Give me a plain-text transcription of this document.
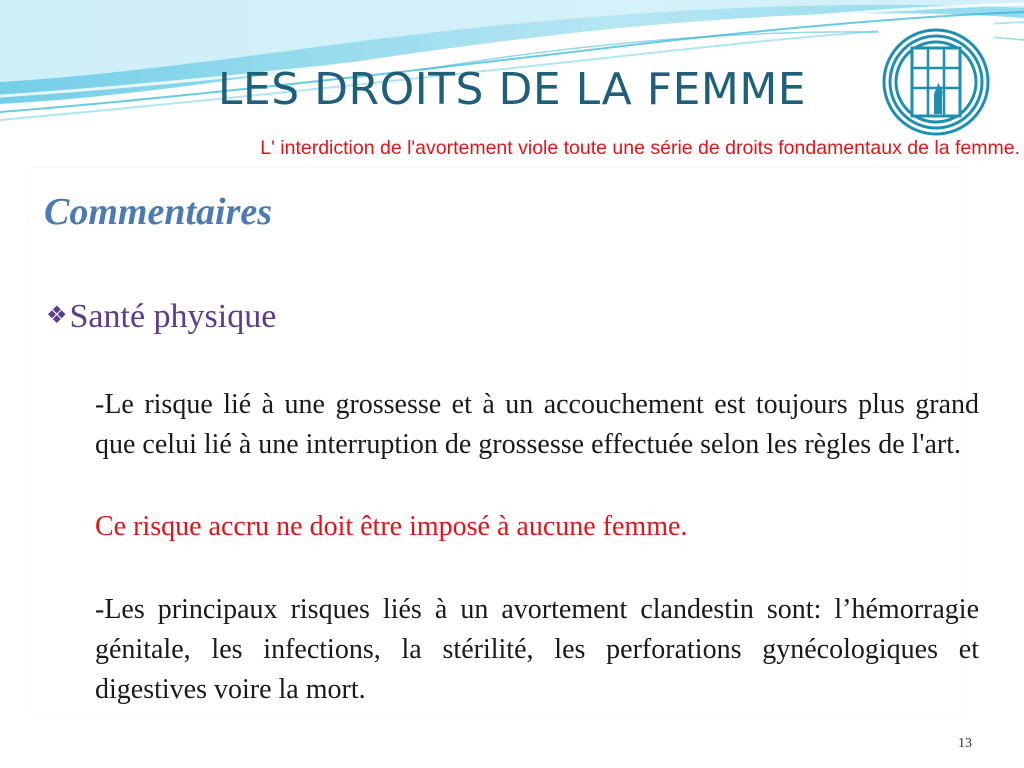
LES DROITS DE LA FEMME
L' interdiction de l'avortement viole toute une série de droits fondamentaux de la femme.
Commentaires
❖Santé physique

-Le risque lié à une grossesse et à un accouchement est toujours plus grand que celui lié à une interruption de grossesse effectuée selon les règles de l'art.

Ce risque accru ne doit être imposé à aucune femme.

-Les principaux risques liés à un avortement clandestin sont: l’hémorragie génitale, les infections, la stérilité, les perforations gynécologiques et digestives voire la mort.

13
